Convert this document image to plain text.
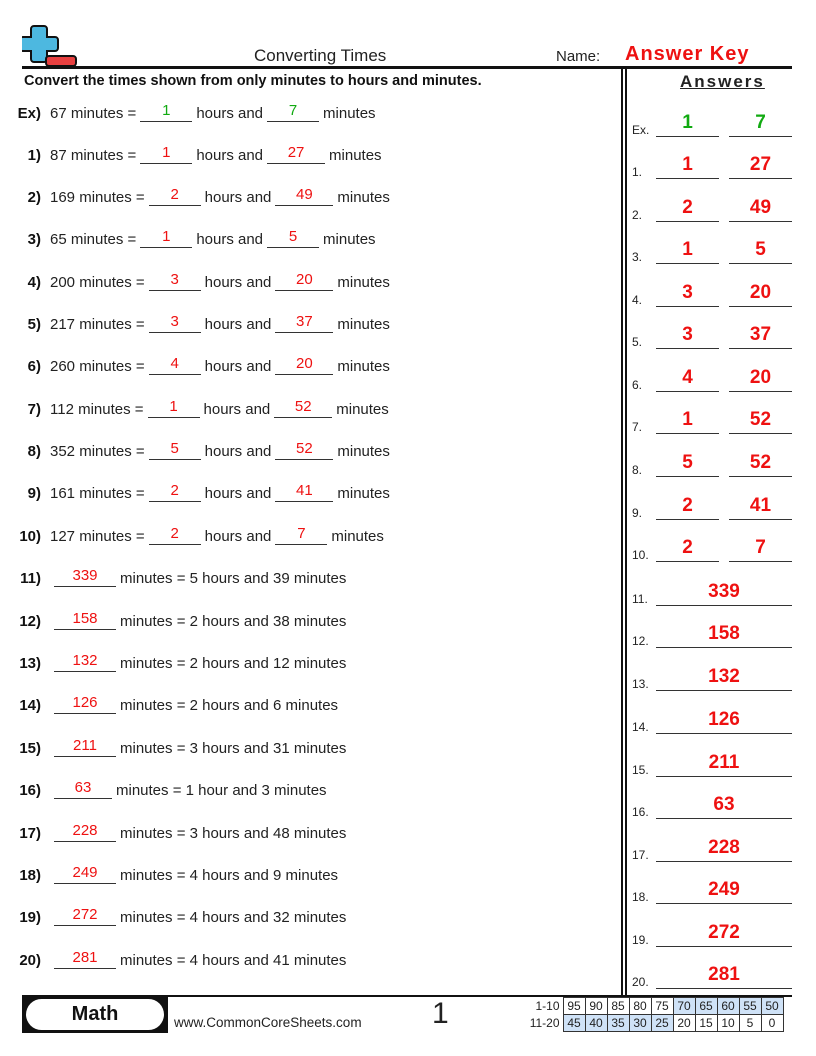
Converting Times	Name: Answer Key
Convert the times shown from only minutes to hours and minutes.
Ex) 67 minutes =	1	hours and	7	minutes
1) 87 minutes =	1	hours and	27	minutes
2) 169 minutes =	2	hours and	49	minutes
3) 65 minutes =	1	hours and	5	minutes
4) 200 minutes =	3	hours and	20	minutes
5) 217 minutes =	3	hours and	37	minutes
6) 260 minutes =	4	hours and	20	minutes
7) 112 minutes =	1	hours and	52	minutes
8) 352 minutes =	5	hours and	52	minutes
9) 161 minutes =	2	hours and	41	minutes
10) 127 minutes =	2	hours and	7	minutes
11)	339	minutes = 5 hours and 39 minutes
12)	158	minutes = 2 hours and 38 minutes
13)	132	minutes = 2 hours and 12 minutes
14)	126	minutes = 2 hours and 6 minutes
15)	211	minutes = 3 hours and 31 minutes
16)	63	minutes = 1 hour and 3 minutes
17)	228	minutes = 3 hours and 48 minutes
18)	249	minutes = 4 hours and 9 minutes
19)	272	minutes = 4 hours and 32 minutes
20)	281	minutes = 4 hours and 41 minutes
Answers
Ex.	1	7
1.	1	27
2.	2	49
3.	1	5
4.	3	20
5.	3	37
6.	4	20
7.	1	52
8.	5	52
9.	2	41
10.	2	7
11.	339
12.	158
13.	132
14.	126
15.	211
16.	63
17.	228
18.	249
19.	272
20.	281
Math	www.CommonCoreSheets.com 1	1-10	95	90	85	80	75	70	65	60	55	50
11-20	45	40	35	30	25	20	15	10	5	0
